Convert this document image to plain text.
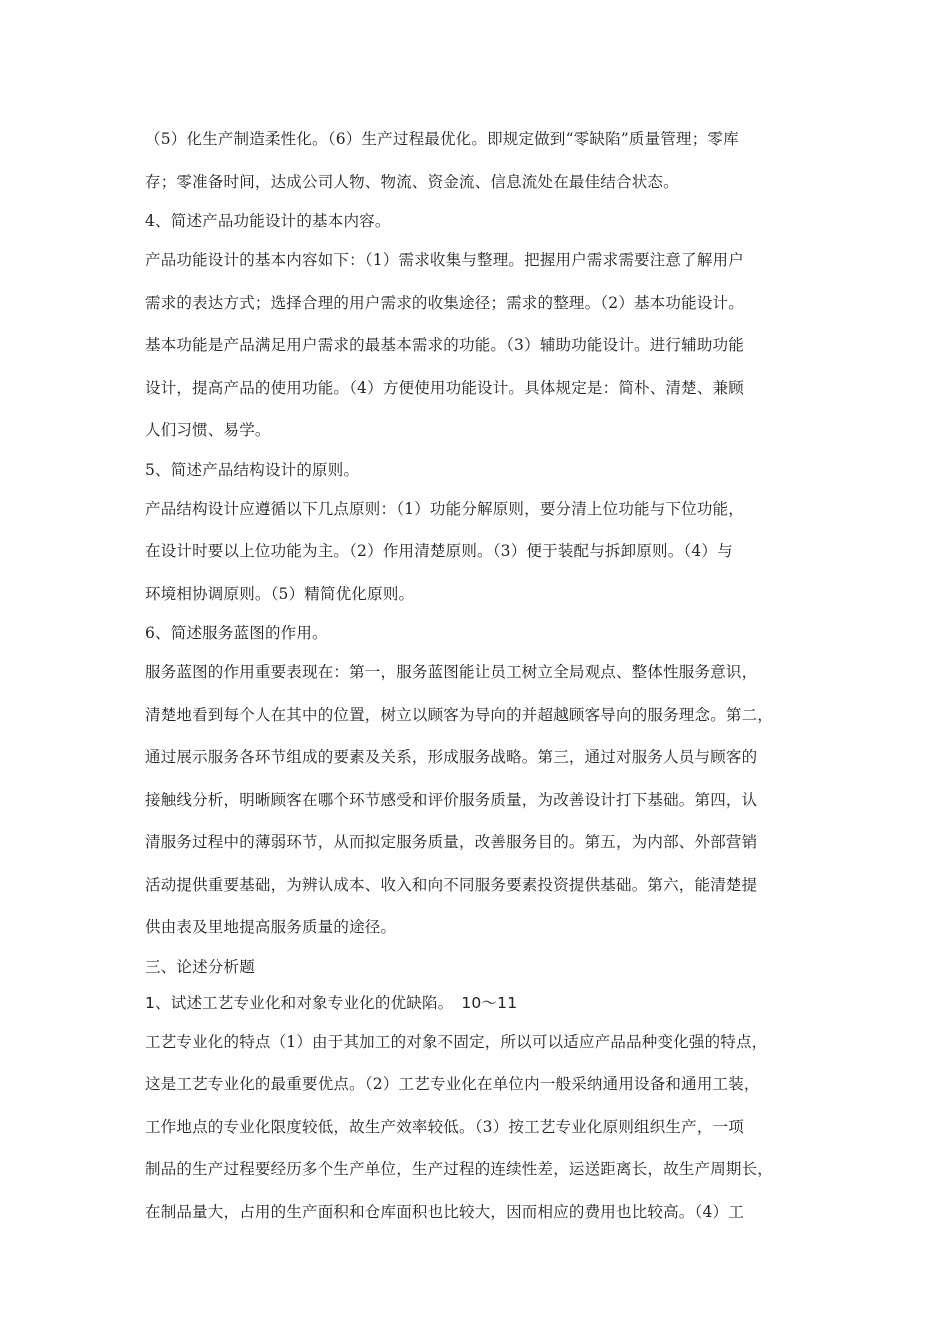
（5）化生产制造柔性化。（6）生产过程最优化。即规定做到“零缺陷”质量管理；零库
存；零准备时间，达成公司人物、物流、资金流、信息流处在最佳结合状态。
4、简述产品功能设计的基本内容。
产品功能设计的基本内容如下：（1）需求收集与整理。把握用户需求需要注意了解用户
需求的表达方式；选择合理的用户需求的收集途径；需求的整理。（2）基本功能设计。
基本功能是产品满足用户需求的最基本需求的功能。（3）辅助功能设计。进行辅助功能
设计，提高产品的使用功能。（4）方便使用功能设计。具体规定是：简朴、清楚、兼顾
人们习惯、易学。
5、简述产品结构设计的原则。
产品结构设计应遵循以下几点原则：（1）功能分解原则，要分清上位功能与下位功能，
在设计时要以上位功能为主。（2）作用清楚原则。（3）便于装配与拆卸原则。（4）与
环境相协调原则。（5）精简优化原则。
6、简述服务蓝图的作用。
服务蓝图的作用重要表现在：第一，服务蓝图能让员工树立全局观点、整体性服务意识，
清楚地看到每个人在其中的位置，树立以顾客为导向的并超越顾客导向的服务理念。第二，
通过展示服务各环节组成的要素及关系，形成服务战略。第三，通过对服务人员与顾客的
接触线分析，明晰顾客在哪个环节感受和评价服务质量，为改善设计打下基础。第四，认
清服务过程中的薄弱环节，从而拟定服务质量，改善服务目的。第五，为内部、外部营销
活动提供重要基础，为辨认成本、收入和向不同服务要素投资提供基础。第六，能清楚提
供由表及里地提高服务质量的途径。
三、论述分析题
1、试述工艺专业化和对象专业化的优缺陷。　10～11
工艺专业化的特点（1）由于其加工的对象不固定，所以可以适应产品品种变化强的特点，
这是工艺专业化的最重要优点。（2）工艺专业化在单位内一般采纳通用设备和通用工装，
工作地点的专业化限度较低，故生产效率较低。（3）按工艺专业化原则组织生产，一项
制品的生产过程要经历多个生产单位，生产过程的连续性差，运送距离长，故生产周期长，
在制品量大，占用的生产面积和仓库面积也比较大，因而相应的费用也比较高。（4）工
